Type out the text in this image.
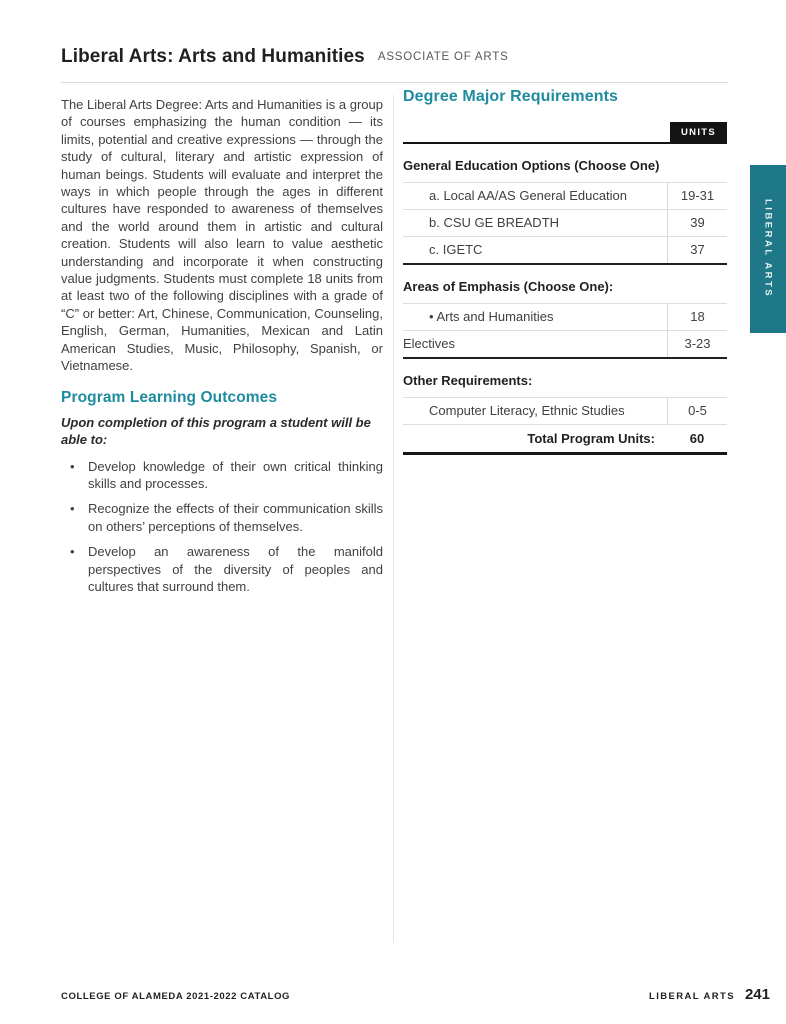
Liberal Arts: Arts and Humanities ASSOCIATE OF ARTS
LIBERAL ARTS

The Liberal Arts Degree: Arts and Humanities is a group of courses emphasizing the human condition — its limits, potential and creative expressions — through the study of cultural, literary and artistic expression of human beings. Students will evaluate and interpret the ways in which people through the ages in different cultures have responded to awareness of themselves and the world around them in artistic and cultural creation. Students will also learn to value aesthetic understanding and incorporate it when constructing value judgments. Students must complete 18 units from at least two of the following disciplines with a grade of “C” or better: Art, Chinese, Communication, Counseling, English, German, Humanities, Mexican and Latin American Studies, Music, Philosophy, Spanish, or Vietnamese.

Program Learning Outcomes

Upon completion of this program a student will be able to:

•	Develop knowledge of their own critical thinking skills and processes.
•	Recognize the effects of their communication skills on others’ perceptions of themselves.
•	Develop an awareness of the manifold perspectives of the diversity of peoples and cultures that surround them.
Degree Major Requirements
UNITS
General Education Options (Choose One)
a. Local AA/AS General Education	19-31
b. CSU GE BREADTH	39
c. IGETC	37
Areas of Emphasis (Choose One):
• Arts and Humanities	18
Electives	3-23
Other Requirements:
Computer Literacy, Ethnic Studies	0-5
Total Program Units:	60
COLLEGE OF ALAMEDA 2021-2022 CATALOG	LIBERAL ARTS 241
